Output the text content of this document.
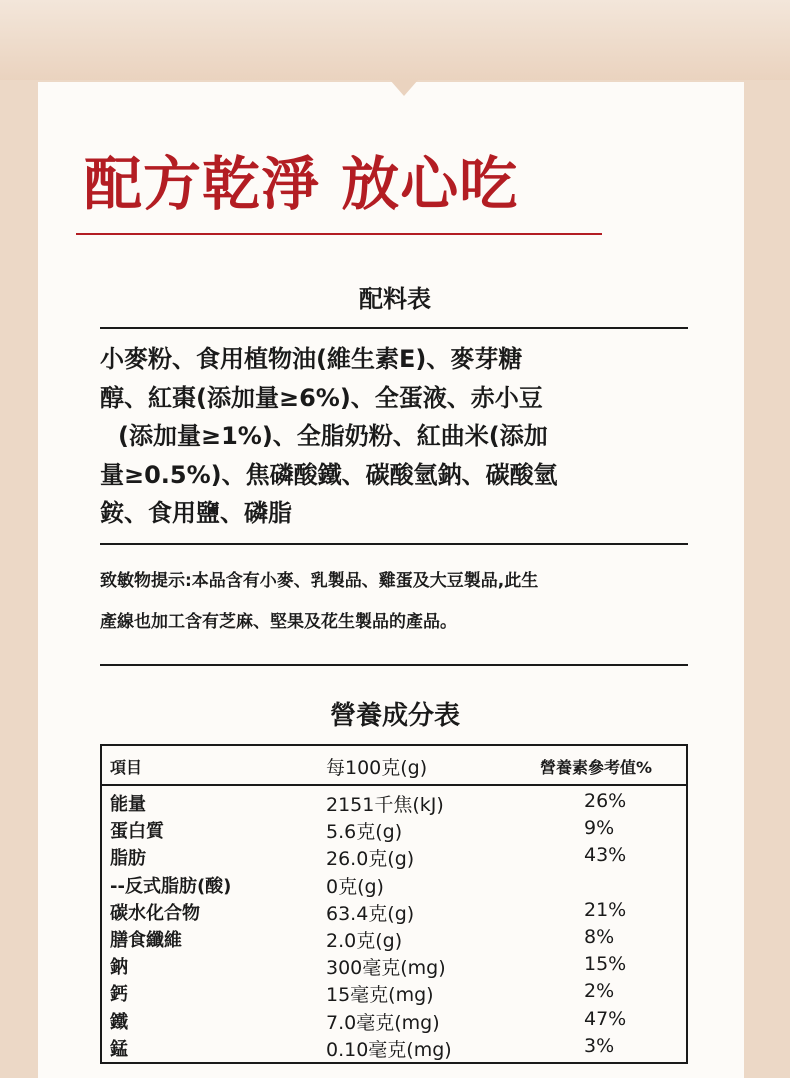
配方乾淨 放心吃
配料表

小麥粉、食用植物油(維生素E)、麥芽糖

醇、紅棗(添加量≥6%)、全蛋液、赤小豆

(添加量≥1%)、全脂奶粉、紅曲米(添加

量≥0.5%)、焦磷酸鐵、碳酸氫鈉、碳酸氫

銨、食用鹽、磷脂

致敏物提示:本品含有小麥、乳製品、雞蛋及大豆製品,此生

產線也加工含有芝麻、堅果及花生製品的產品。

營養成分表
項目	每100克(g)	營養素參考值%
能量	2151千焦(kJ)	26%
蛋白質	5.6克(g)	9%
脂肪	26.0克(g)	43%
--反式脂肪(酸)	0克(g)
碳水化合物	63.4克(g)	21%
膳食纖維	2.0克(g)	8%
鈉	300毫克(mg)	15%
鈣	15毫克(mg)	2%
鐵	7.0毫克(mg)	47%
錳	0.10毫克(mg)	3%
